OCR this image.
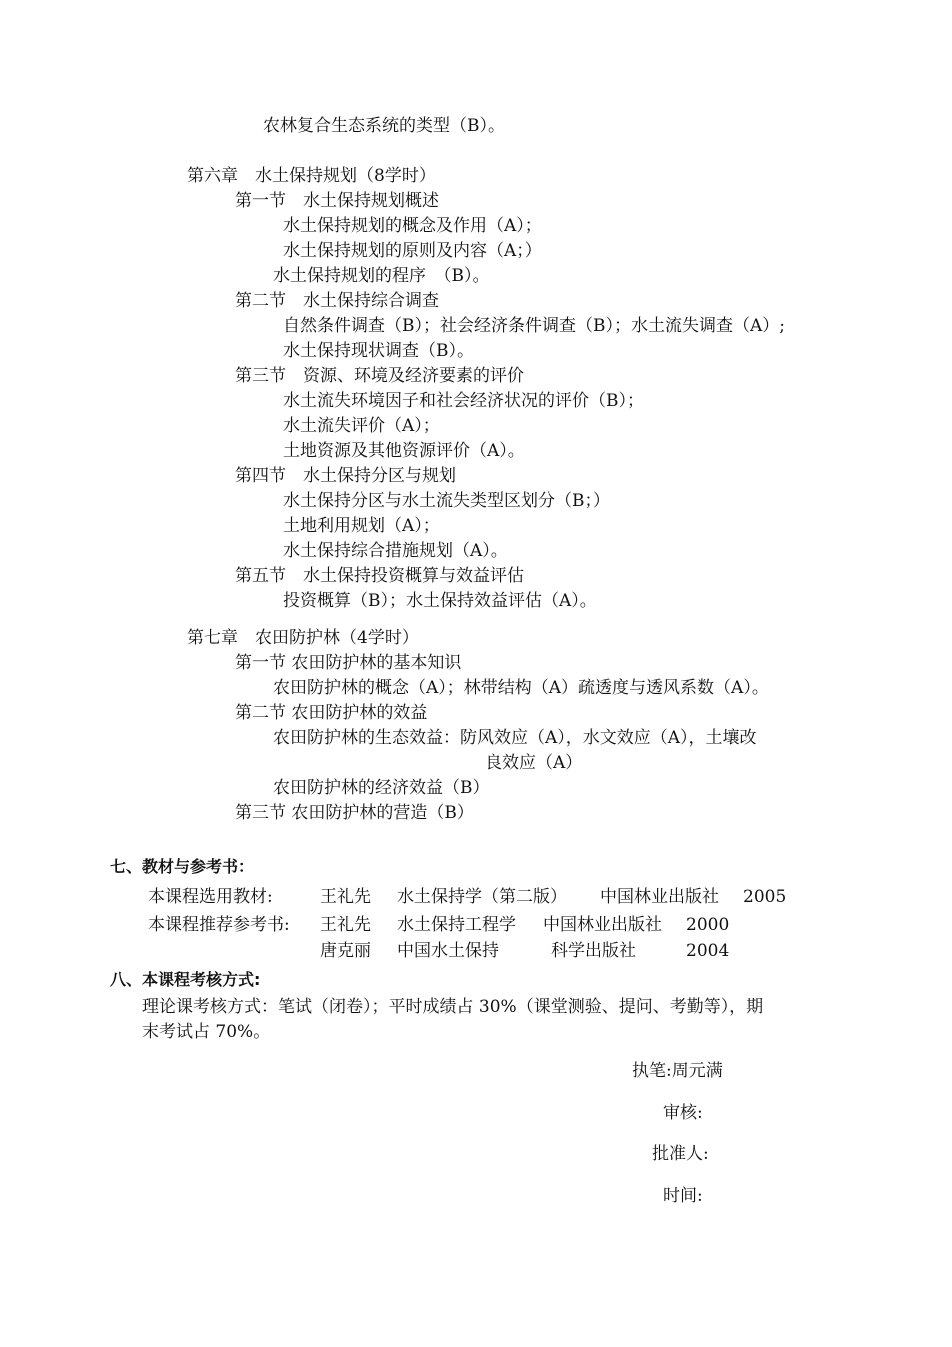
农林复合生态系统的类型（B）。
第六章　水土保持规划（8学时）
第一节　水土保持规划概述
水土保持规划的概念及作用（A）；
水土保持规划的原则及内容（A；）
水土保持规划的程序　（B）。
第二节　水土保持综合调查
自然条件调查（B）；社会经济条件调查（B）；水土流失调查（A）;
水土保持现状调查（B）。
第三节　资源、环境及经济要素的评价
水土流失环境因子和社会经济状况的评价（B）；
水土流失评价（A）；
土地资源及其他资源评价（A）。
第四节　水土保持分区与规划
水土保持分区与水土流失类型区划分（B；）
土地利用规划（A）；
水土保持综合措施规划（A）。
第五节　水土保持投资概算与效益评估
投资概算（B）；水土保持效益评估（A）。
第七章　农田防护林（4学时）
第一节 农田防护林的基本知识
农田防护林的概念（A）；林带结构（A）疏透度与透风系数（A）。
第二节 农田防护林的效益
农田防护林的生态效益：防风效应（A），水文效应（A），土壤改
良效应（A）
农田防护林的经济效益（B）
第三节 农田防护林的营造（B）
七、教材与参考书：
本课程选用教材:	王礼先 水土保持学（第二版） 中国林业出版社 2005
本课程推荐参考书: 王礼先 水土保持工程学 中国林业出版社 2000
唐克丽 中国水土保持	科学出版社	2004
八、本课程考核方式:
理论课考核方式：笔试（闭卷）；平时成绩占 30%（课堂测验、提问、考勤等），期
末考试占 70%。
执笔:周元满
审核:
批准人:
时间:
